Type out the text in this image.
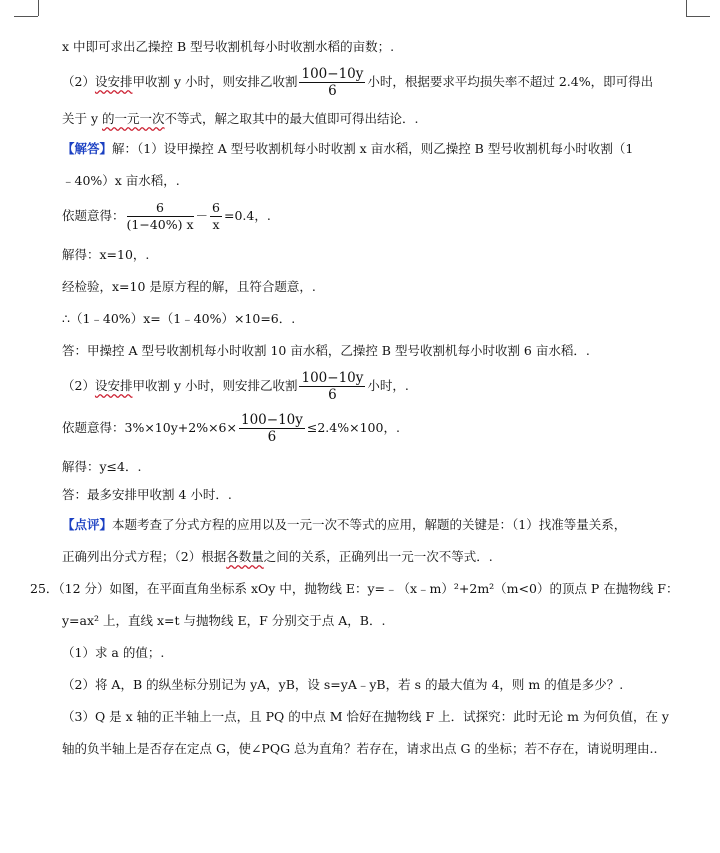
x 中即可求出乙操控 B 型号收割机每小时收割水稻的亩数；.
（2）设安排甲收割 y 小时，则安排乙收割 $\frac{100-10y}{6}$ 小时，根据要求平均损失率不超过 2.4%，即可得出
关于 y 的一元一次不等式，解之取其中的最大值即可得出结论．.
【解答】解：（1）设甲操控 A 型号收割机每小时收割 x 亩水稻，则乙操控 B 型号收割机每小时收割（1
﹣40%）x 亩水稻，.
依题意得： $\frac{6}{(1-40\%) x} - \frac{6}{x} =0.4$，.
解得：x=10，.
经检验，x=10 是原方程的解，且符合题意，.
∴（1﹣40%）x=（1﹣40%）×10=6．.
答：甲操控 A 型号收割机每小时收割 10 亩水稻，乙操控 B 型号收割机每小时收割 6 亩水稻．.
（2）设安排甲收割 y 小时，则安排乙收割 $\frac{100-10y}{6}$ 小时，.
依题意得：$3\%\times 10y+2\%\times 6\times \frac{100-10y}{6} \le 2.4\%\times 100$，.
解得：y≤4．.
答：最多安排甲收割 4 小时．.
【点评】本题考查了分式方程的应用以及一元一次不等式的应用，解题的关键是：（1）找准等量关系，
正确列出分式方程；（2）根据各数量之间的关系，正确列出一元一次不等式．.
25．（12 分）如图，在平面直角坐标系 xOy 中，抛物线 E：y=﹣（x﹣m）²+2m²（m<0）的顶点 P 在抛物线 F：
y=ax² 上，直线 x=t 与抛物线 E，F 分别交于点 A，B．.
（1）求 a 的值；.
（2）将 A，B 的纵坐标分别记为 yA，yB，设 s=yA﹣yB，若 s 的最大值为 4，则 m 的值是多少？.
（3）Q 是 x 轴的正半轴上一点，且 PQ 的中点 M 恰好在抛物线 F 上．试探究：此时无论 m 为何负值，在 y
轴的负半轴上是否存在定点 G，使∠PQG 总为直角？若存在，请求出点 G 的坐标；若不存在，请说明理由..
